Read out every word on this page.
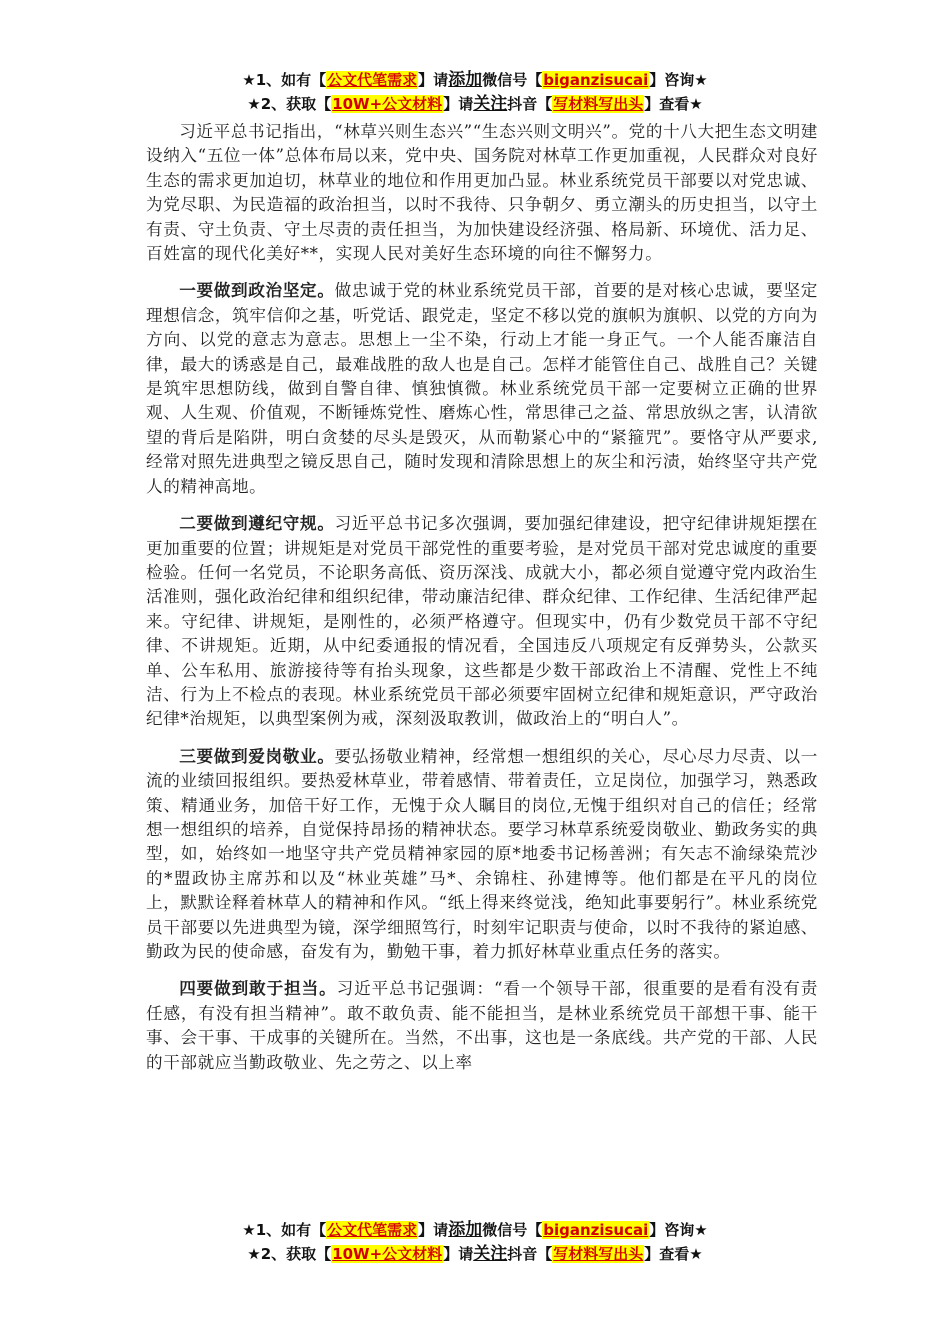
★1、如有【公文代笔需求】请添加微信号【biganzisucai】咨询★
★2、获取【10W+公文材料】请关注抖音【写材料写出头】查看★

习近平总书记指出，“林草兴则生态兴”“生态兴则文明兴”。党的十八大把生态文明建设纳入“五位一体”总体布局以来，党中央、国务院对林草工作更加重视，人民群众对良好生态的需求更加迫切，林草业的地位和作用更加凸显。林业系统党员干部要以对党忠诚、为党尽职、为民造福的政治担当，以时不我待、只争朝夕、勇立潮头的历史担当，以守土有责、守土负责、守土尽责的责任担当，为加快建设经济强、格局新、环境优、活力足、百姓富的现代化美好**，实现人民对美好生态环境的向往不懈努力。

一要做到政治坚定。做忠诚于党的林业系统党员干部，首要的是对核心忠诚，要坚定理想信念，筑牢信仰之基，听党话、跟党走，坚定不移以党的旗帜为旗帜、以党的方向为方向、以党的意志为意志。思想上一尘不染，行动上才能一身正气。一个人能否廉洁自律，最大的诱惑是自己，最难战胜的敌人也是自己。怎样才能管住自己、战胜自己？关键是筑牢思想防线，做到自警自律、慎独慎微。林业系统党员干部一定要树立正确的世界观、人生观、价值观，不断锤炼党性、磨炼心性，常思律己之益、常思放纵之害，认清欲望的背后是陷阱，明白贪婪的尽头是毁灭，从而勒紧心中的“紧箍咒”。要恪守从严要求,经常对照先进典型之镜反思自己，随时发现和清除思想上的灰尘和污渍，始终坚守共产党人的精神高地。

二要做到遵纪守规。习近平总书记多次强调，要加强纪律建设，把守纪律讲规矩摆在更加重要的位置；讲规矩是对党员干部党性的重要考验，是对党员干部对党忠诚度的重要检验。任何一名党员，不论职务高低、资历深浅、成就大小，都必须自觉遵守党内政治生活准则，强化政治纪律和组织纪律，带动廉洁纪律、群众纪律、工作纪律、生活纪律严起来。守纪律、讲规矩，是刚性的，必须严格遵守。但现实中，仍有少数党员干部不守纪律、不讲规矩。近期，从中纪委通报的情况看，全国违反八项规定有反弹势头，公款买单、公车私用、旅游接待等有抬头现象，这些都是少数干部政治上不清醒、党性上不纯洁、行为上不检点的表现。林业系统党员干部必须要牢固树立纪律和规矩意识，严守政治纪律*治规矩，以典型案例为戒，深刻汲取教训，做政治上的“明白人”。

三要做到爱岗敬业。要弘扬敬业精神，经常想一想组织的关心，尽心尽力尽责、以一流的业绩回报组织。要热爱林草业，带着感情、带着责任，立足岗位，加强学习，熟悉政策、精通业务，加倍干好工作，无愧于众人瞩目的岗位,无愧于组织对自己的信任；经常想一想组织的培养，自觉保持昂扬的精神状态。要学习林草系统爱岗敬业、勤政务实的典型，如，始终如一地坚守共产党员精神家园的原*地委书记杨善洲；有矢志不渝绿染荒沙的*盟政协主席苏和以及“林业英雄”马*、余锦柱、孙建博等。他们都是在平凡的岗位上，默默诠释着林草人的精神和作风。“纸上得来终觉浅，绝知此事要躬行”。林业系统党员干部要以先进典型为镜，深学细照笃行，时刻牢记职责与使命，以时不我待的紧迫感、勤政为民的使命感，奋发有为，勤勉干事，着力抓好林草业重点任务的落实。

四要做到敢于担当。习近平总书记强调：“看一个领导干部，很重要的是看有没有责任感，有没有担当精神”。敢不敢负责、能不能担当，是林业系统党员干部想干事、能干事、会干事、干成事的关键所在。当然，不出事，这也是一条底线。共产党的干部、人民的干部就应当勤政敬业、先之劳之、以上率

★1、如有【公文代笔需求】请添加微信号【biganzisucai】咨询★
★2、获取【10W+公文材料】请关注抖音【写材料写出头】查看★
